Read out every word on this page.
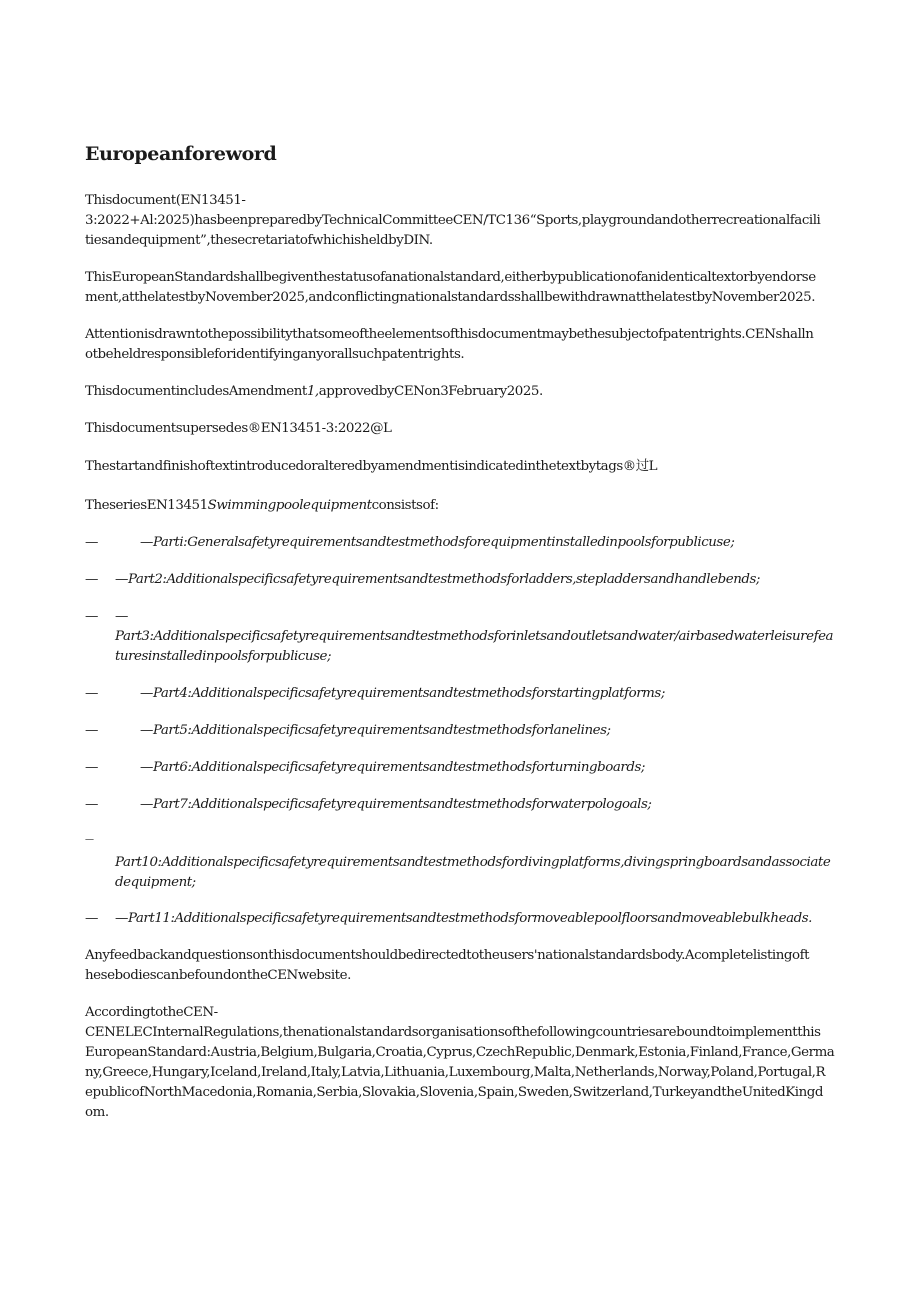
Europeanforeword
Thisdocument(EN13451-
3:2022+Al:2025)hasbeenpreparedbyTechnicalCommitteeCEN/TC136“Sports,playgroundandotherrecreationalfacili
tiesandequipment”,thesecretariatofwhichisheldbyDIN.
ThisEuropeanStandardshallbegiventhestatusofanationalstandard,eitherbypublicationofanidenticaltextorbyendorse
ment,atthelatestbyNovember2025,andconflictingnationalstandardsshallbewithdrawnatthelatestbyNovember2025.
Attentionisdrawntothepossibilitythatsomeoftheelementsofthisdocumentmaybethesubjectofpatentrights.CENshalln
otbeheldresponsibleforidentifyinganyorallsuchpatentrights.
ThisdocumentincludesAmendment1,approvedbyCENon3February2025.
Thisdocumentsupersedes®EN13451-3:2022@L
Thestartandfinishoftextintroducedoralteredbyamendmentisindicatedinthetextbytags®过L
TheseriesEN13451Swimmingpoolequipmentconsistsof:
—	—Parti:Generalsafetyrequirementsandtestmethodsforequipmentinstalledinpoolsforpublicuse;
— —Part2:Additionalspecificsafetyrequirementsandtestmethodsforladders,stepladdersandhandlebends;
— —
Part3:Additionalspecificsafetyrequirementsandtestmethodsforinletsandoutletsandwater/airbasedwaterleisurefea
turesinstalledinpoolsforpublicuse;
—	—Part4:Additionalspecificsafetyrequirementsandtestmethodsforstartingplatforms;
—	—Part5:Additionalspecificsafetyrequirementsandtestmethodsforlanelines;
—	—Part6:Additionalspecificsafetyrequirementsandtestmethodsforturningboards;
—	—Part7:Additionalspecificsafetyrequirementsandtestmethodsforwaterpologoals;
—
Part10:Additionalspecificsafetyrequirementsandtestmethodsfordivingplatforms,divingspringboardsandassociate
dequipment;
— —Part11:Additionalspecificsafetyrequirementsandtestmethodsformoveablepoolfloorsandmoveablebulkheads.
Anyfeedbackandquestionsonthisdocumentshouldbedirectedtotheusers'nationalstandardsbody.Acompletelistingoft
hesebodiescanbefoundontheCENwebsite.
AccordingtotheCEN-
CENELECInternalRegulations,thenationalstandardsorganisationsofthefollowingcountriesareboundtoimplementthis
EuropeanStandard:Austria,Belgium,Bulgaria,Croatia,Cyprus,CzechRepublic,Denmark,Estonia,Finland,France,Germa
ny,Greece,Hungary,Iceland,Ireland,Italy,Latvia,Lithuania,Luxembourg,Malta,Netherlands,Norway,Poland,Portugal,R
epublicofNorthMacedonia,Romania,Serbia,Slovakia,Slovenia,Spain,Sweden,Switzerland,TurkeyandtheUnitedKingd
om.
